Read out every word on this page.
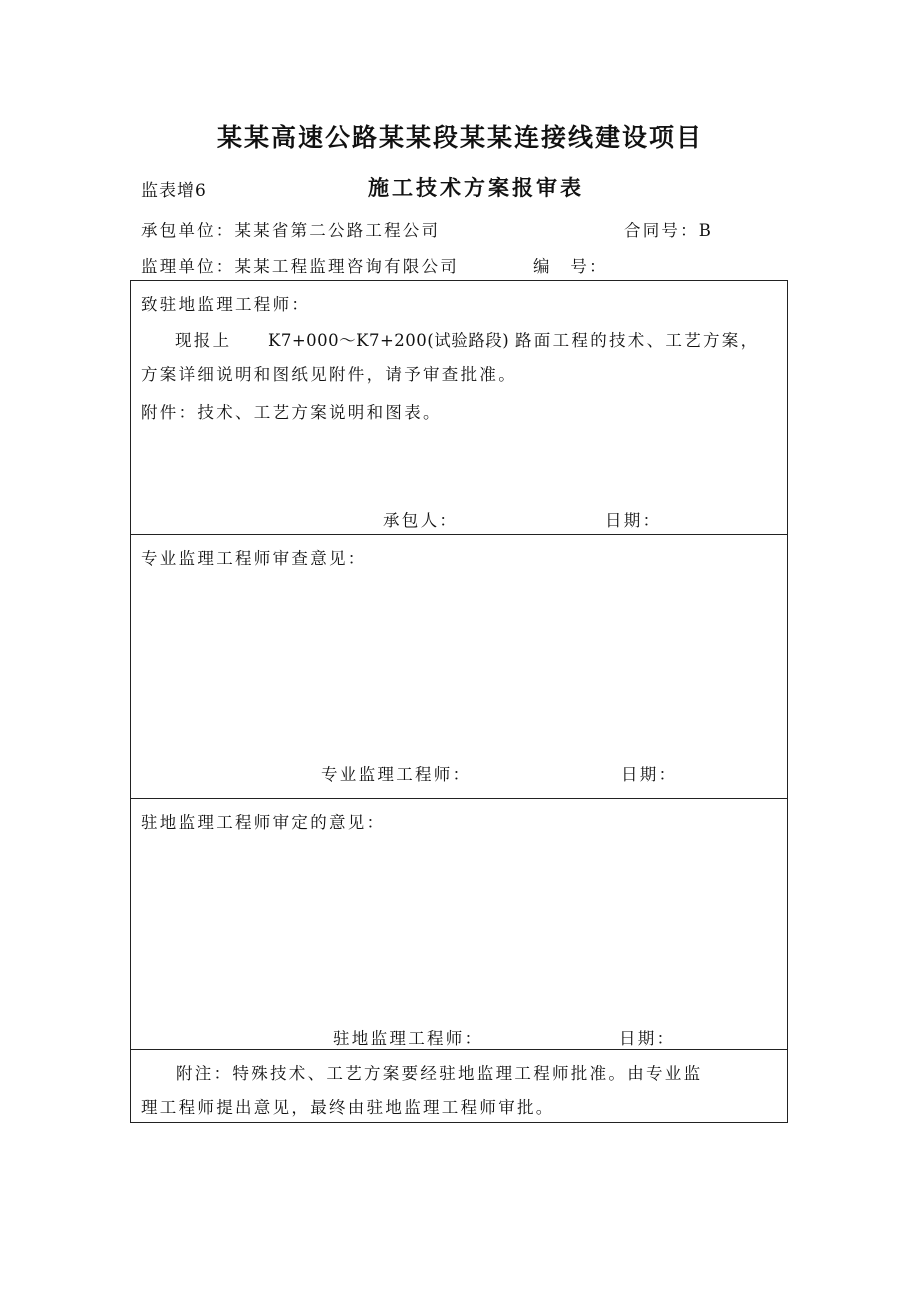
某某高速公路某某段某某连接线建设项目
监表增6	施工技术方案报审表
承包单位：某某省第二公路工程公司	合同号：B
监理单位：某某工程监理咨询有限公司	编　号：
致驻地监理工程师：
现报上 K7+000～K7+200(试验路段) 路面工程的技术、工艺方案，
方案详细说明和图纸见附件，请予审查批准。
附件：技术、工艺方案说明和图表。
承包人：	日期：
专业监理工程师审查意见：
专业监理工程师：	日期：
驻地监理工程师审定的意见：
驻地监理工程师：	日期：
附注：特殊技术、工艺方案要经驻地监理工程师批准。由专业监
理工程师提出意见，最终由驻地监理工程师审批。
